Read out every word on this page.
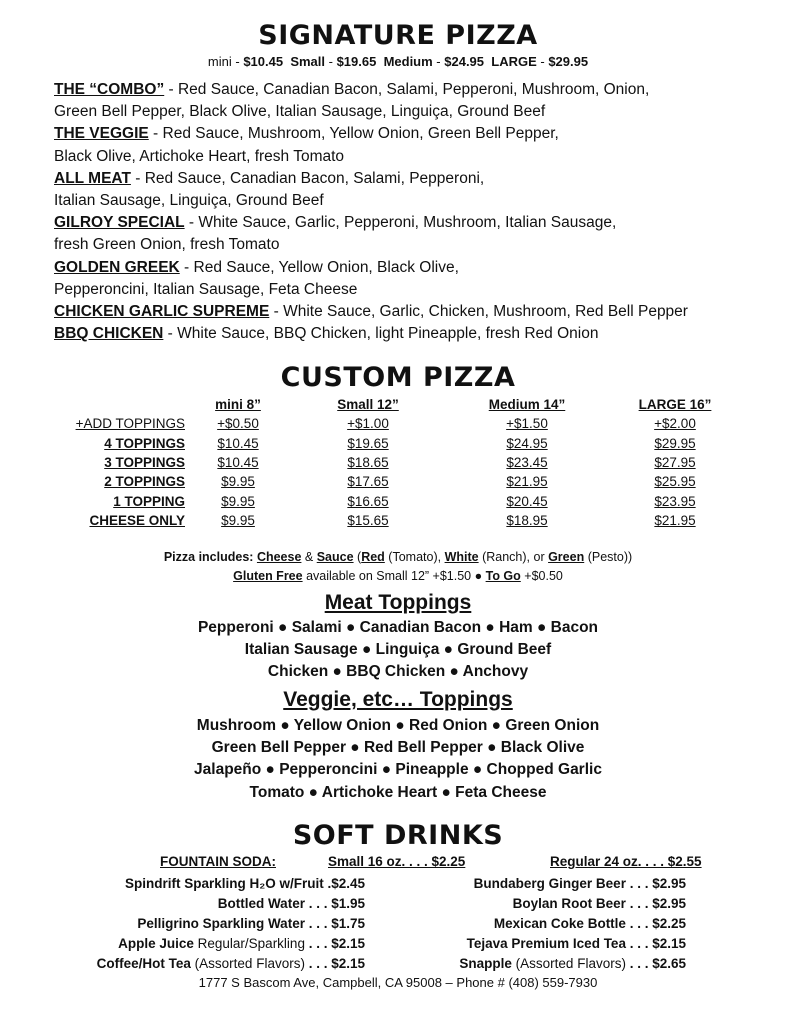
SIGNATURE PIZZA
mini - $10.45 Small - $19.65 Medium - $24.95 LARGE - $29.95
THE “COMBO” - Red Sauce, Canadian Bacon, Salami, Pepperoni, Mushroom, Onion,
Green Bell Pepper, Black Olive, Italian Sausage, Linguiça, Ground Beef
THE VEGGIE - Red Sauce, Mushroom, Yellow Onion, Green Bell Pepper,
Black Olive, Artichoke Heart, fresh Tomato
ALL MEAT - Red Sauce, Canadian Bacon, Salami, Pepperoni,
Italian Sausage, Linguiça, Ground Beef
GILROY SPECIAL - White Sauce, Garlic, Pepperoni, Mushroom, Italian Sausage,
fresh Green Onion, fresh Tomato
GOLDEN GREEK - Red Sauce, Yellow Onion, Black Olive,
Pepperoncini, Italian Sausage, Feta Cheese
CHICKEN GARLIC SUPREME - White Sauce, Garlic, Chicken, Mushroom, Red Bell Pepper
BBQ CHICKEN - White Sauce, BBQ Chicken, light Pineapple, fresh Red Onion
CUSTOM PIZZA
	mini 8”	Small 12”	Medium 14”	LARGE 16”
+ADD TOPPINGS	+$0.50	+$1.00	+$1.50	+$2.00
4 TOPPINGS	$10.45	$19.65	$24.95	$29.95
3 TOPPINGS	$10.45	$18.65	$23.45	$27.95
2 TOPPINGS	$9.95	$17.65	$21.95	$25.95
1 TOPPING	$9.95	$16.65	$20.45	$23.95
CHEESE ONLY	$9.95	$15.65	$18.95	$21.95
Pizza includes: Cheese & Sauce (Red (Tomato), White (Ranch), or Green (Pesto))
Gluten Free available on Small 12” +$1.50 ● To Go +$0.50
Meat Toppings
Pepperoni ● Salami ● Canadian Bacon ● Ham ● Bacon
Italian Sausage ● Linguiça ● Ground Beef
Chicken ● BBQ Chicken ● Anchovy
Veggie, etc… Toppings
Mushroom ● Yellow Onion ● Red Onion ● Green Onion
Green Bell Pepper ● Red Bell Pepper ● Black Olive
Jalapeño ● Pepperoncini ● Pineapple ● Chopped Garlic
Tomato ● Artichoke Heart ● Feta Cheese
SOFT DRINKS
FOUNTAIN SODA:	Small 16 oz. . . . $2.25	Regular 24 oz. . . . $2.55
Spindrift Sparkling H₂O w/Fruit .$2.45
Bottled Water . . . $1.95
Pelligrino Sparkling Water . . . $1.75
Apple Juice Regular/Sparkling . . . $2.15
Coffee/Hot Tea (Assorted Flavors) . . . $2.15
Bundaberg Ginger Beer . . . $2.95
Boylan Root Beer . . . $2.95
Mexican Coke Bottle . . . $2.25
Tejava Premium Iced Tea . . . $2.15
Snapple (Assorted Flavors) . . . $2.65
1777 S Bascom Ave, Campbell, CA 95008 – Phone # (408) 559-7930
